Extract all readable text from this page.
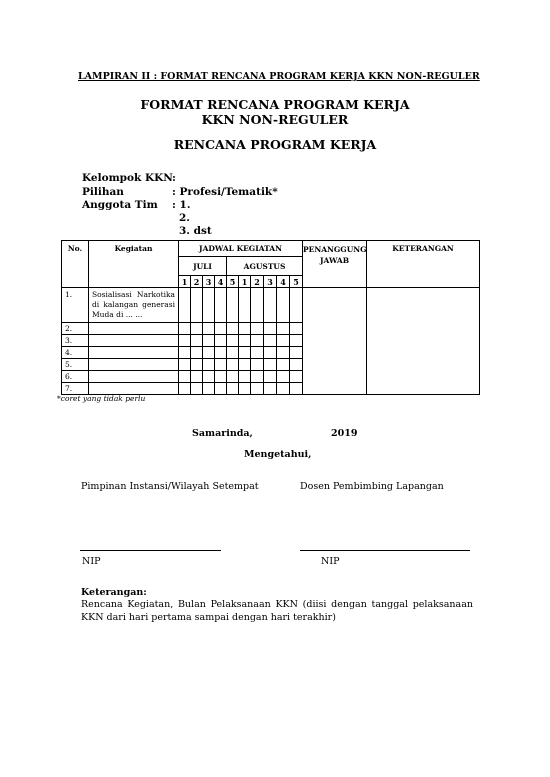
LAMPIRAN II : FORMAT RENCANA PROGRAM KERJA KKN NON-REGULER
FORMAT RENCANA PROGRAM KERJA
KKN NON-REGULER
RENCANA PROGRAM KERJA
Kelompok KKN :
Pilihan	: Profesi/Tematik*
Anggota Tim : 1.
2.
3. dst
No.	Kegiatan	JADWAL KEGIATAN										PENANGGUNG JAWAB	KETERANGAN
		JULI				AGUSTUS							
		1	2	3	4	5	1	2	3	4	5		
1.	Sosialisasi Narkotika di kalangan generasi Muda di ... ...												
2.													
3.													
4.													
5.													
6.													
7.													
*coret yang tidak perlu
Samarinda,	2019
Mengetahui,
Pimpinan Instansi/Wilayah Setempat	Dosen Pembimbing Lapangan
NIP	NIP
Keterangan:
Rencana Kegiatan, Bulan Pelaksanaan KKN (diisi dengan tanggal pelaksanaan KKN dari hari pertama sampai dengan hari terakhir)
